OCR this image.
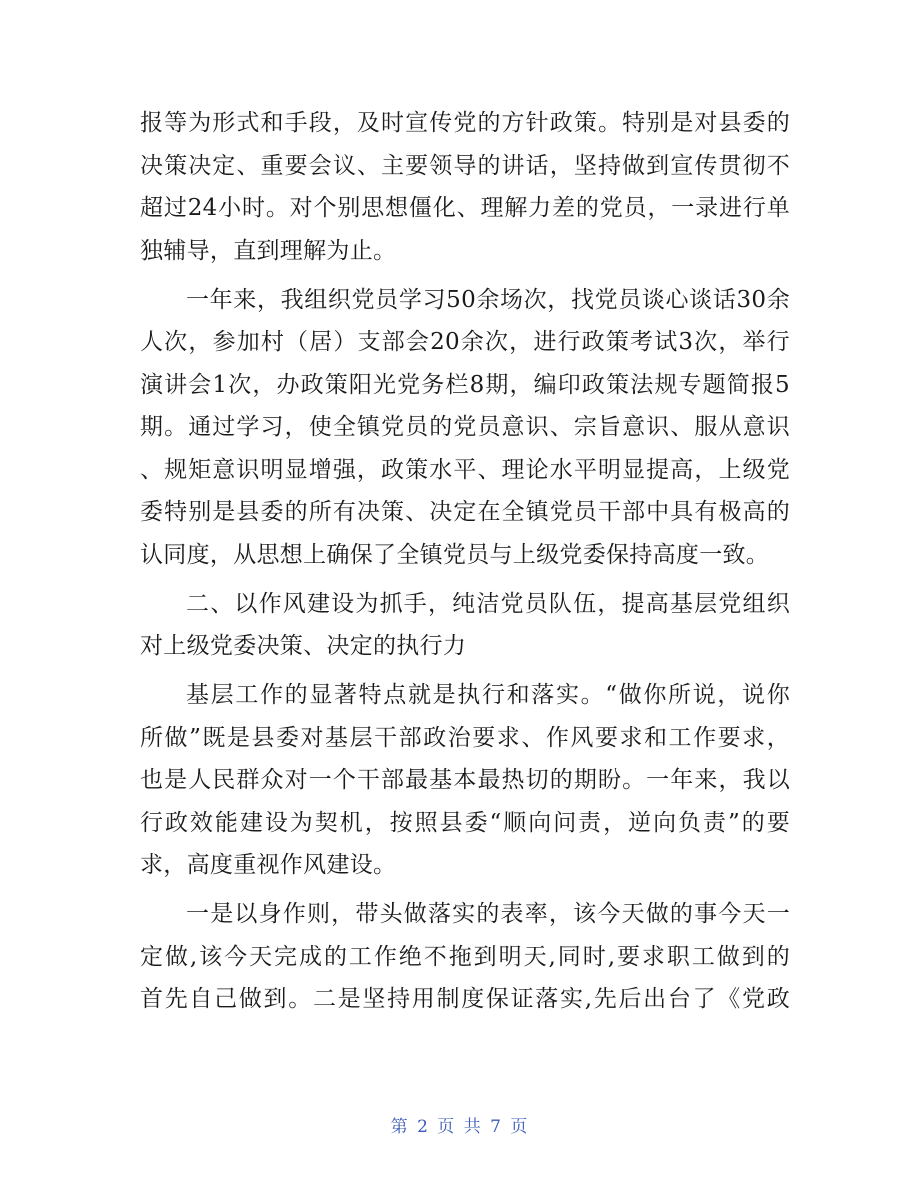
报等为形式和手段，及时宣传党的方针政策。特别是对县委的
决策决定、重要会议、主要领导的讲话，坚持做到宣传贯彻不
超过24小时。对个别思想僵化、理解力差的党员，一录进行单
独辅导，直到理解为止。
一年来，我组织党员学习50余场次，找党员谈心谈话30余
人次，参加村（居）支部会20余次，进行政策考试3次，举行
演讲会1次，办政策阳光党务栏8期，编印政策法规专题简报5
期。通过学习，使全镇党员的党员意识、宗旨意识、服从意识
、规矩意识明显增强，政策水平、理论水平明显提高，上级党
委特别是县委的所有决策、决定在全镇党员干部中具有极高的
认同度，从思想上确保了全镇党员与上级党委保持高度一致。
二、以作风建设为抓手，纯洁党员队伍，提高基层党组织
对上级党委决策、决定的执行力
基层工作的显著特点就是执行和落实。“做你所说，说你
所做”既是县委对基层干部政治要求、作风要求和工作要求，
也是人民群众对一个干部最基本最热切的期盼。一年来，我以
行政效能建设为契机，按照县委“顺向问责，逆向负责”的要
求，高度重视作风建设。
一是以身作则，带头做落实的表率，该今天做的事今天一
定做,该今天完成的工作绝不拖到明天,同时,要求职工做到的
首先自己做到。二是坚持用制度保证落实,先后出台了《党政
第 2 页 共 7 页
